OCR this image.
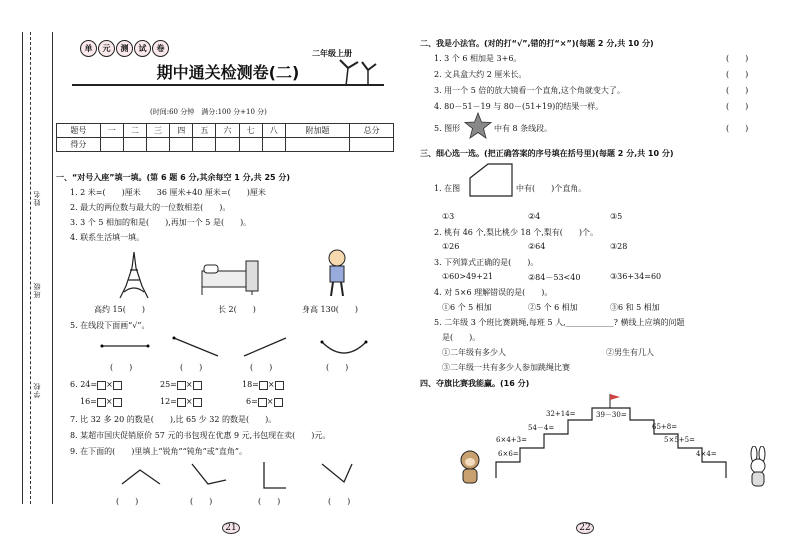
姓名
班级
学校
单 元 测 试 卷
二年级上册
期中通关检测卷(二)
(时间:60 分钟　满分:100 分+10 分)
题号	一	二	三	四	五	六	七	八	附加题	总分
得分										
一、“对号入座”填一填。(第 6 题 6 分,其余每空 1 分,共 25 分)
1. 2 米=(　　)厘米　　36 厘米+40 厘米=(　　)厘米
2. 最大的两位数与最大的一位数相差(　　)。
3. 3 个 5 相加的和是(　　),再加一个 5 是(　　)。
4. 联系生活填一填。
高约 15(　　)	长 2(　　)	身高 130(　　)
5. 在线段下面画“√”。
(　　)	(　　)	(　　)	(　　)
6. 24= ×	25= ×	18= ×
16= ×	12= ×	6= ×
7. 比 32 多 20 的数是(　　),比 65 少 32 的数是(　　)。
8. 某超市国庆促销原价 57 元的书包现在优惠 9 元,书包现在卖(　　)元。
9. 在下面的(　　)里填上“锐角”“钝角”或“直角”。
(　　)	(　　)	(　　)	(　　)
21
二、我是小法官。(对的打“√”,错的打“×”)(每题 2 分,共 10 分)
1. 3 个 6 相加是 3+6。
2. 文具盒大约 2 厘米长。
3. 用一个 5 倍的放大镜看一个直角,这个角就变大了。
4. 80－51－19 与 80－(51+19)的结果一样。
5. 图形	中有 8 条线段。
(　　)
(　　)
(　　)
(　　)
(　　)
三、细心选一选。(把正确答案的序号填在括号里)(每题 2 分,共 10 分)
1. 在图	中有(　　)个直角。
①3	②4	③5
2. 桃有 46 个,梨比桃少 18 个,梨有(　　)个。
①26	②64	③28
3. 下列算式正确的是(　　)。
①60>49+21	②84－53<40	③36+34=60
4. 对 5×6 理解错误的是(　　)。
①6 个 5 相加	②5 个 6 相加	③6 和 5 相加
5. 二年级 3 个班比赛跳绳,每班 5 人,____________? 横线上应填的问题
是(　　)。
①二年级有多少人	②男生有几人
③二年级一共有多少人参加跳绳比赛
四、夺旗比赛我能赢。(16 分)
6×6=
6×4+3=
54－4=
32+14=	39－30=
65+8=
5×5+5=
4×4=
22
